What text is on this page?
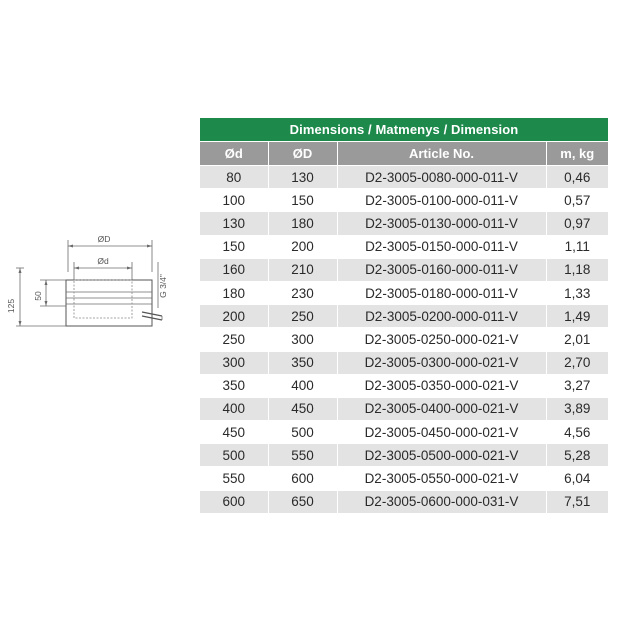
ØD
Ød
125
50	G 3/4"
Dimensions / Matmenys / Dimension			
Ød	ØD	Article No.	m, kg
80	130	D2-3005-0080-000-011-V	0,46
100	150	D2-3005-0100-000-011-V	0,57
130	180	D2-3005-0130-000-011-V	0,97
150	200	D2-3005-0150-000-011-V	1,11
160	210	D2-3005-0160-000-011-V	1,18
180	230	D2-3005-0180-000-011-V	1,33
200	250	D2-3005-0200-000-011-V	1,49
250	300	D2-3005-0250-000-021-V	2,01
300	350	D2-3005-0300-000-021-V	2,70
350	400	D2-3005-0350-000-021-V	3,27
400	450	D2-3005-0400-000-021-V	3,89
450	500	D2-3005-0450-000-021-V	4,56
500	550	D2-3005-0500-000-021-V	5,28
550	600	D2-3005-0550-000-021-V	6,04
600	650	D2-3005-0600-000-031-V	7,51
